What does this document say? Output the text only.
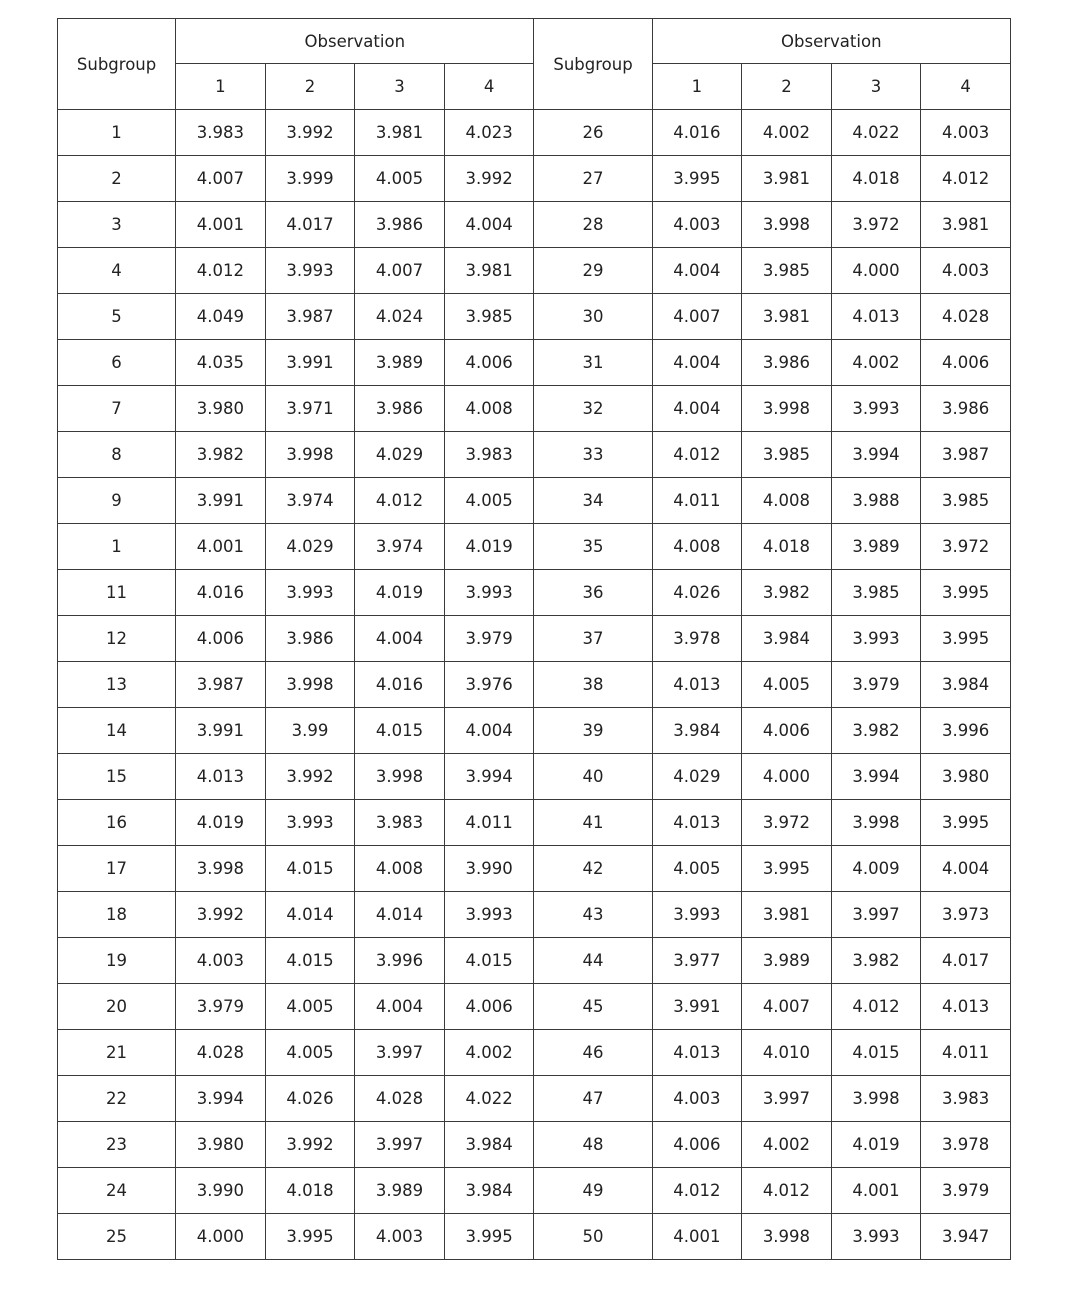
Subgroup	Observation				Subgroup	Observation			
	1	2	3	4		1	2	3	4
1	3.983	3.992	3.981	4.023	26	4.016	4.002	4.022	4.003
2	4.007	3.999	4.005	3.992	27	3.995	3.981	4.018	4.012
3	4.001	4.017	3.986	4.004	28	4.003	3.998	3.972	3.981
4	4.012	3.993	4.007	3.981	29	4.004	3.985	4.000	4.003
5	4.049	3.987	4.024	3.985	30	4.007	3.981	4.013	4.028
6	4.035	3.991	3.989	4.006	31	4.004	3.986	4.002	4.006
7	3.980	3.971	3.986	4.008	32	4.004	3.998	3.993	3.986
8	3.982	3.998	4.029	3.983	33	4.012	3.985	3.994	3.987
9	3.991	3.974	4.012	4.005	34	4.011	4.008	3.988	3.985
1	4.001	4.029	3.974	4.019	35	4.008	4.018	3.989	3.972
11	4.016	3.993	4.019	3.993	36	4.026	3.982	3.985	3.995
12	4.006	3.986	4.004	3.979	37	3.978	3.984	3.993	3.995
13	3.987	3.998	4.016	3.976	38	4.013	4.005	3.979	3.984
14	3.991	3.99	4.015	4.004	39	3.984	4.006	3.982	3.996
15	4.013	3.992	3.998	3.994	40	4.029	4.000	3.994	3.980
16	4.019	3.993	3.983	4.011	41	4.013	3.972	3.998	3.995
17	3.998	4.015	4.008	3.990	42	4.005	3.995	4.009	4.004
18	3.992	4.014	4.014	3.993	43	3.993	3.981	3.997	3.973
19	4.003	4.015	3.996	4.015	44	3.977	3.989	3.982	4.017
20	3.979	4.005	4.004	4.006	45	3.991	4.007	4.012	4.013
21	4.028	4.005	3.997	4.002	46	4.013	4.010	4.015	4.011
22	3.994	4.026	4.028	4.022	47	4.003	3.997	3.998	3.983
23	3.980	3.992	3.997	3.984	48	4.006	4.002	4.019	3.978
24	3.990	4.018	3.989	3.984	49	4.012	4.012	4.001	3.979
25	4.000	3.995	4.003	3.995	50	4.001	3.998	3.993	3.947
